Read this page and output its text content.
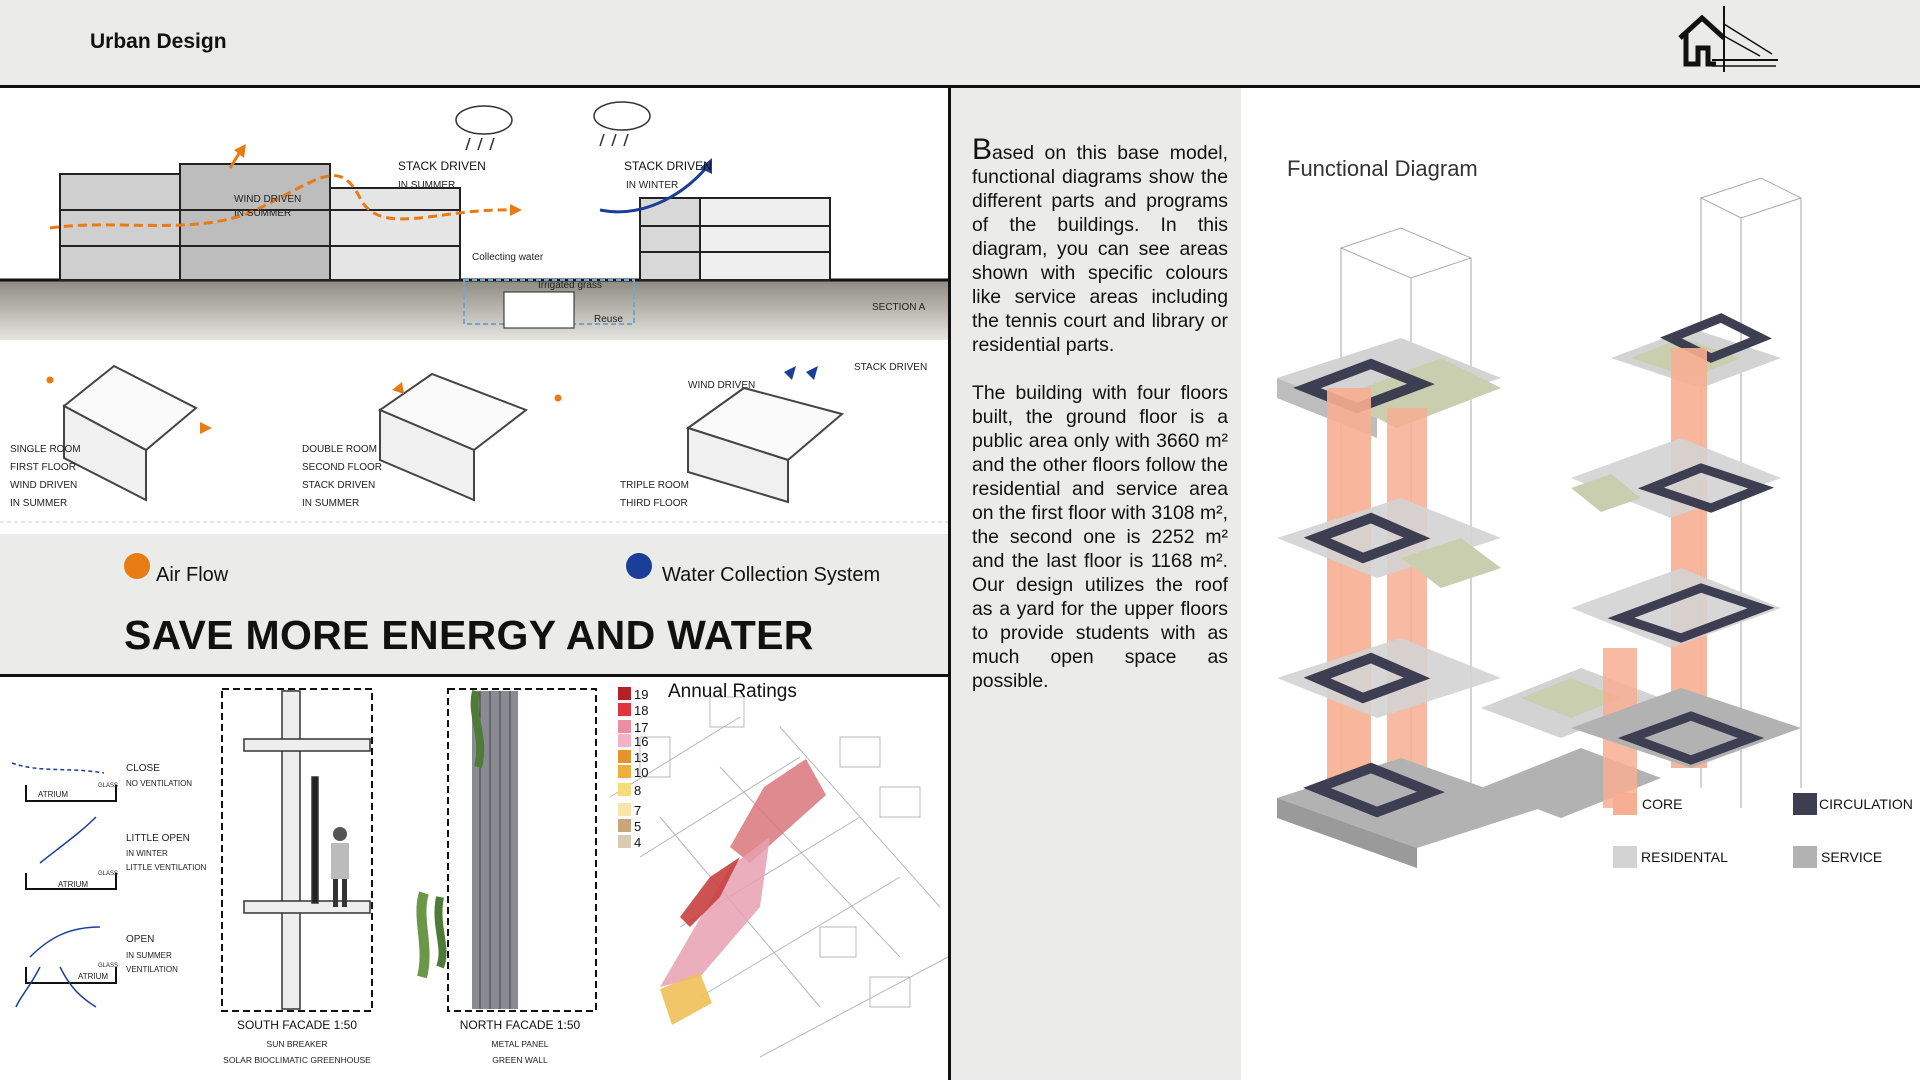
Urban Design
WIND DRIVEN
IN SUMMER
STACK DRIVEN
IN SUMMER
STACK DRIVEN
IN WINTER
Collecting water
Irrigated grass
Reuse
SECTION A
WIND DRIVEN
STACK DRIVEN
SINGLE ROOM
FIRST FLOOR
WIND DRIVEN
IN SUMMER
DOUBLE ROOM
SECOND FLOOR
STACK DRIVEN
IN SUMMER
TRIPLE ROOM
THIRD FLOOR
Air Flow	Water Collection System
SAVE MORE ENERGY AND WATER
CLOSE
NO VENTILATION
ATRIUM
GLASS
LITTLE OPEN
IN WINTER
LITTLE VENTILATION
ATRIUM
GLASS
OPEN
IN SUMMER
VENTILATION
ATRIUM
GLASS
SOUTH FACADE 1:50
SUN BREAKER
SOLAR BIOCLIMATIC GREENHOUSE
NORTH FACADE 1:50
METAL PANEL
GREEN WALL
Annual Ratings
19
18
17
16
13
10
8
7
5
4

Based on this base model, functional diagrams show the different parts and programs of the buildings. In this diagram, you can see areas shown with specific colours like service areas including the tennis court and library or residential parts.

The building with four floors built, the ground floor is a public area only with 3660 m² and the other floors follow the residential and service area on the first floor with 3108 m², the second one is 2252 m² and the last floor is 1168 m². Our design utilizes the roof as a yard for the upper floors to provide students with as much open space as possible.

Functional Diagram
CORE	CIRCULATION
RESIDENTAL	SERVICE
